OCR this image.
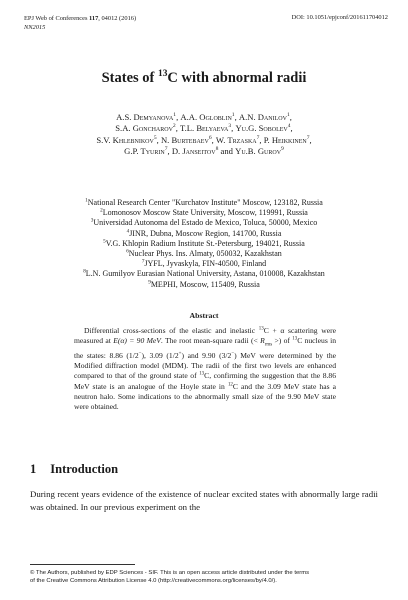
EPJ Web of Conferences 117, 04012 (2016)
NN2015
DOI: 10.1051/epjconf/201611704012
States of $^{13}$C with abnormal radii
A.S. Demyanova$^1$, A.A. Ogloblin$^1$, A.N. Danilov$^1$,
S.A. Goncharov$^2$, T.L. Belyaeva$^3$, Yu.G. Sobolev$^4$,
S.V. Khlebnikov$^5$, N. Burtebaev$^6$, W. Trzaska$^7$, P. Heikkinen$^7$,
G.P. Tyurin$^7$, D. Janseitov$^8$ and Yu.B. Gurov$^9$
$^1$National Research Center "Kurchatov Institute" Moscow, 123182, Russia
$^2$Lomonosov Moscow State University, Moscow, 119991, Russia
$^3$Universidad Autonoma del Estado de Mexico, Toluca, 50000, Mexico
$^4$JINR, Dubna, Moscow Region, 141700, Russia
$^5$V.G. Khlopin Radium Institute St.-Petersburg, 194021, Russia
$^6$Nuclear Phys. Ins. Almaty, 050032, Kazakhstan
$^7$JYFL, Jyvaskyla, FIN-40500, Finland
$^8$L.N. Gumilyov Eurasian National University, Astana, 010008, Kazakhstan
$^9$MEPHI, Moscow, 115409, Russia
Abstract
Differential cross-sections of the elastic and inelastic $^{13}$C + α scattering were measured at E(α) = 90 MeV. The root mean-square radii (< $R_{rms}$ >) of $^{13}$C nucleus in the states: 8.86 (1/2−), 3.09 (1/2+) and 9.90 (3/2−) MeV were determined by the Modified diffraction model (MDM). The radii of the first two levels are enhanced compared to that of the ground state of $^{13}$C, confirming the suggestion that the 8.86 MeV state is an analogue of the Hoyle state in $^{12}$C and the 3.09 MeV state has a neutron halo. Some indications to the abnormally small size of the 9.90 MeV state were obtained.
1 Introduction
During recent years evidence of the existence of nuclear excited states with abnormally large radii was obtained. In our previous experiment on the
© The Authors, published by EDP Sciences - SIF. This is an open access article distributed under the terms
of the Creative Commons Attribution License 4.0 (http://creativecommons.org/licenses/by/4.0/).
